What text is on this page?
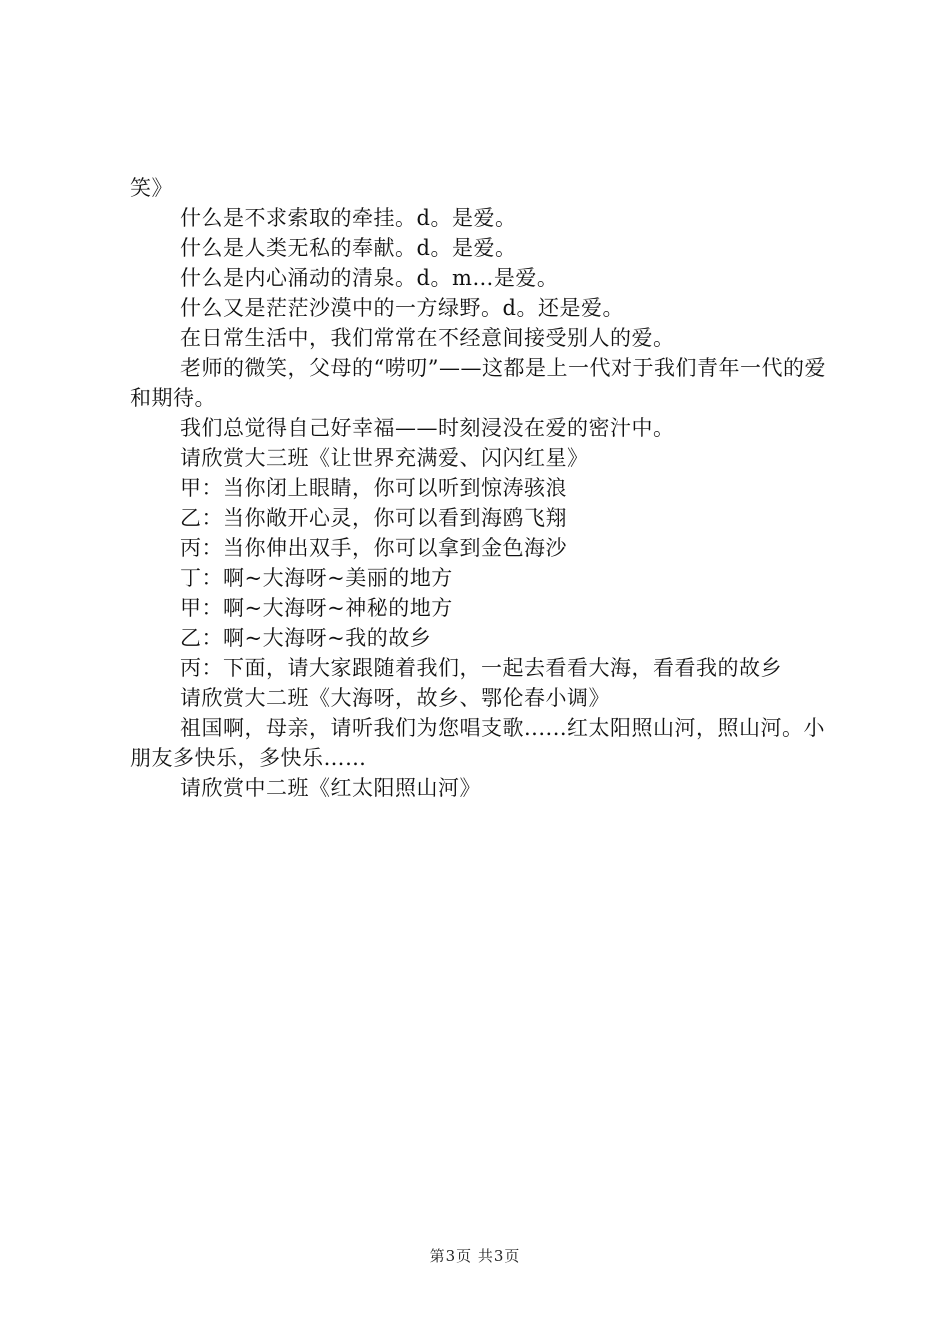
笑》

什么是不求索取的牵挂。d。是爱。

什么是人类无私的奉献。d。是爱。

什么是内心涌动的清泉。d。m…是爱。

什么又是茫茫沙漠中的一方绿野。d。还是爱。

在日常生活中，我们常常在不经意间接受别人的爱。

老师的微笑，父母的“唠叨”——这都是上一代对于我们青年一代的爱和期待。

我们总觉得自己好幸福——时刻浸没在爱的密汁中。

请欣赏大三班《让世界充满爱、闪闪红星》

甲：当你闭上眼睛，你可以听到惊涛骇浪

乙：当你敞开心灵，你可以看到海鸥飞翔

丙：当你伸出双手，你可以拿到金色海沙

丁：啊~大海呀~美丽的地方

甲：啊~大海呀~神秘的地方

乙：啊~大海呀~我的故乡

丙：下面，请大家跟随着我们，一起去看看大海，看看我的故乡

请欣赏大二班《大海呀，故乡、鄂伦春小调》

祖国啊，母亲，请听我们为您唱支歌......红太阳照山河，照山河。小朋友多快乐，多快乐……

请欣赏中二班《红太阳照山河》

第3页 共3页
